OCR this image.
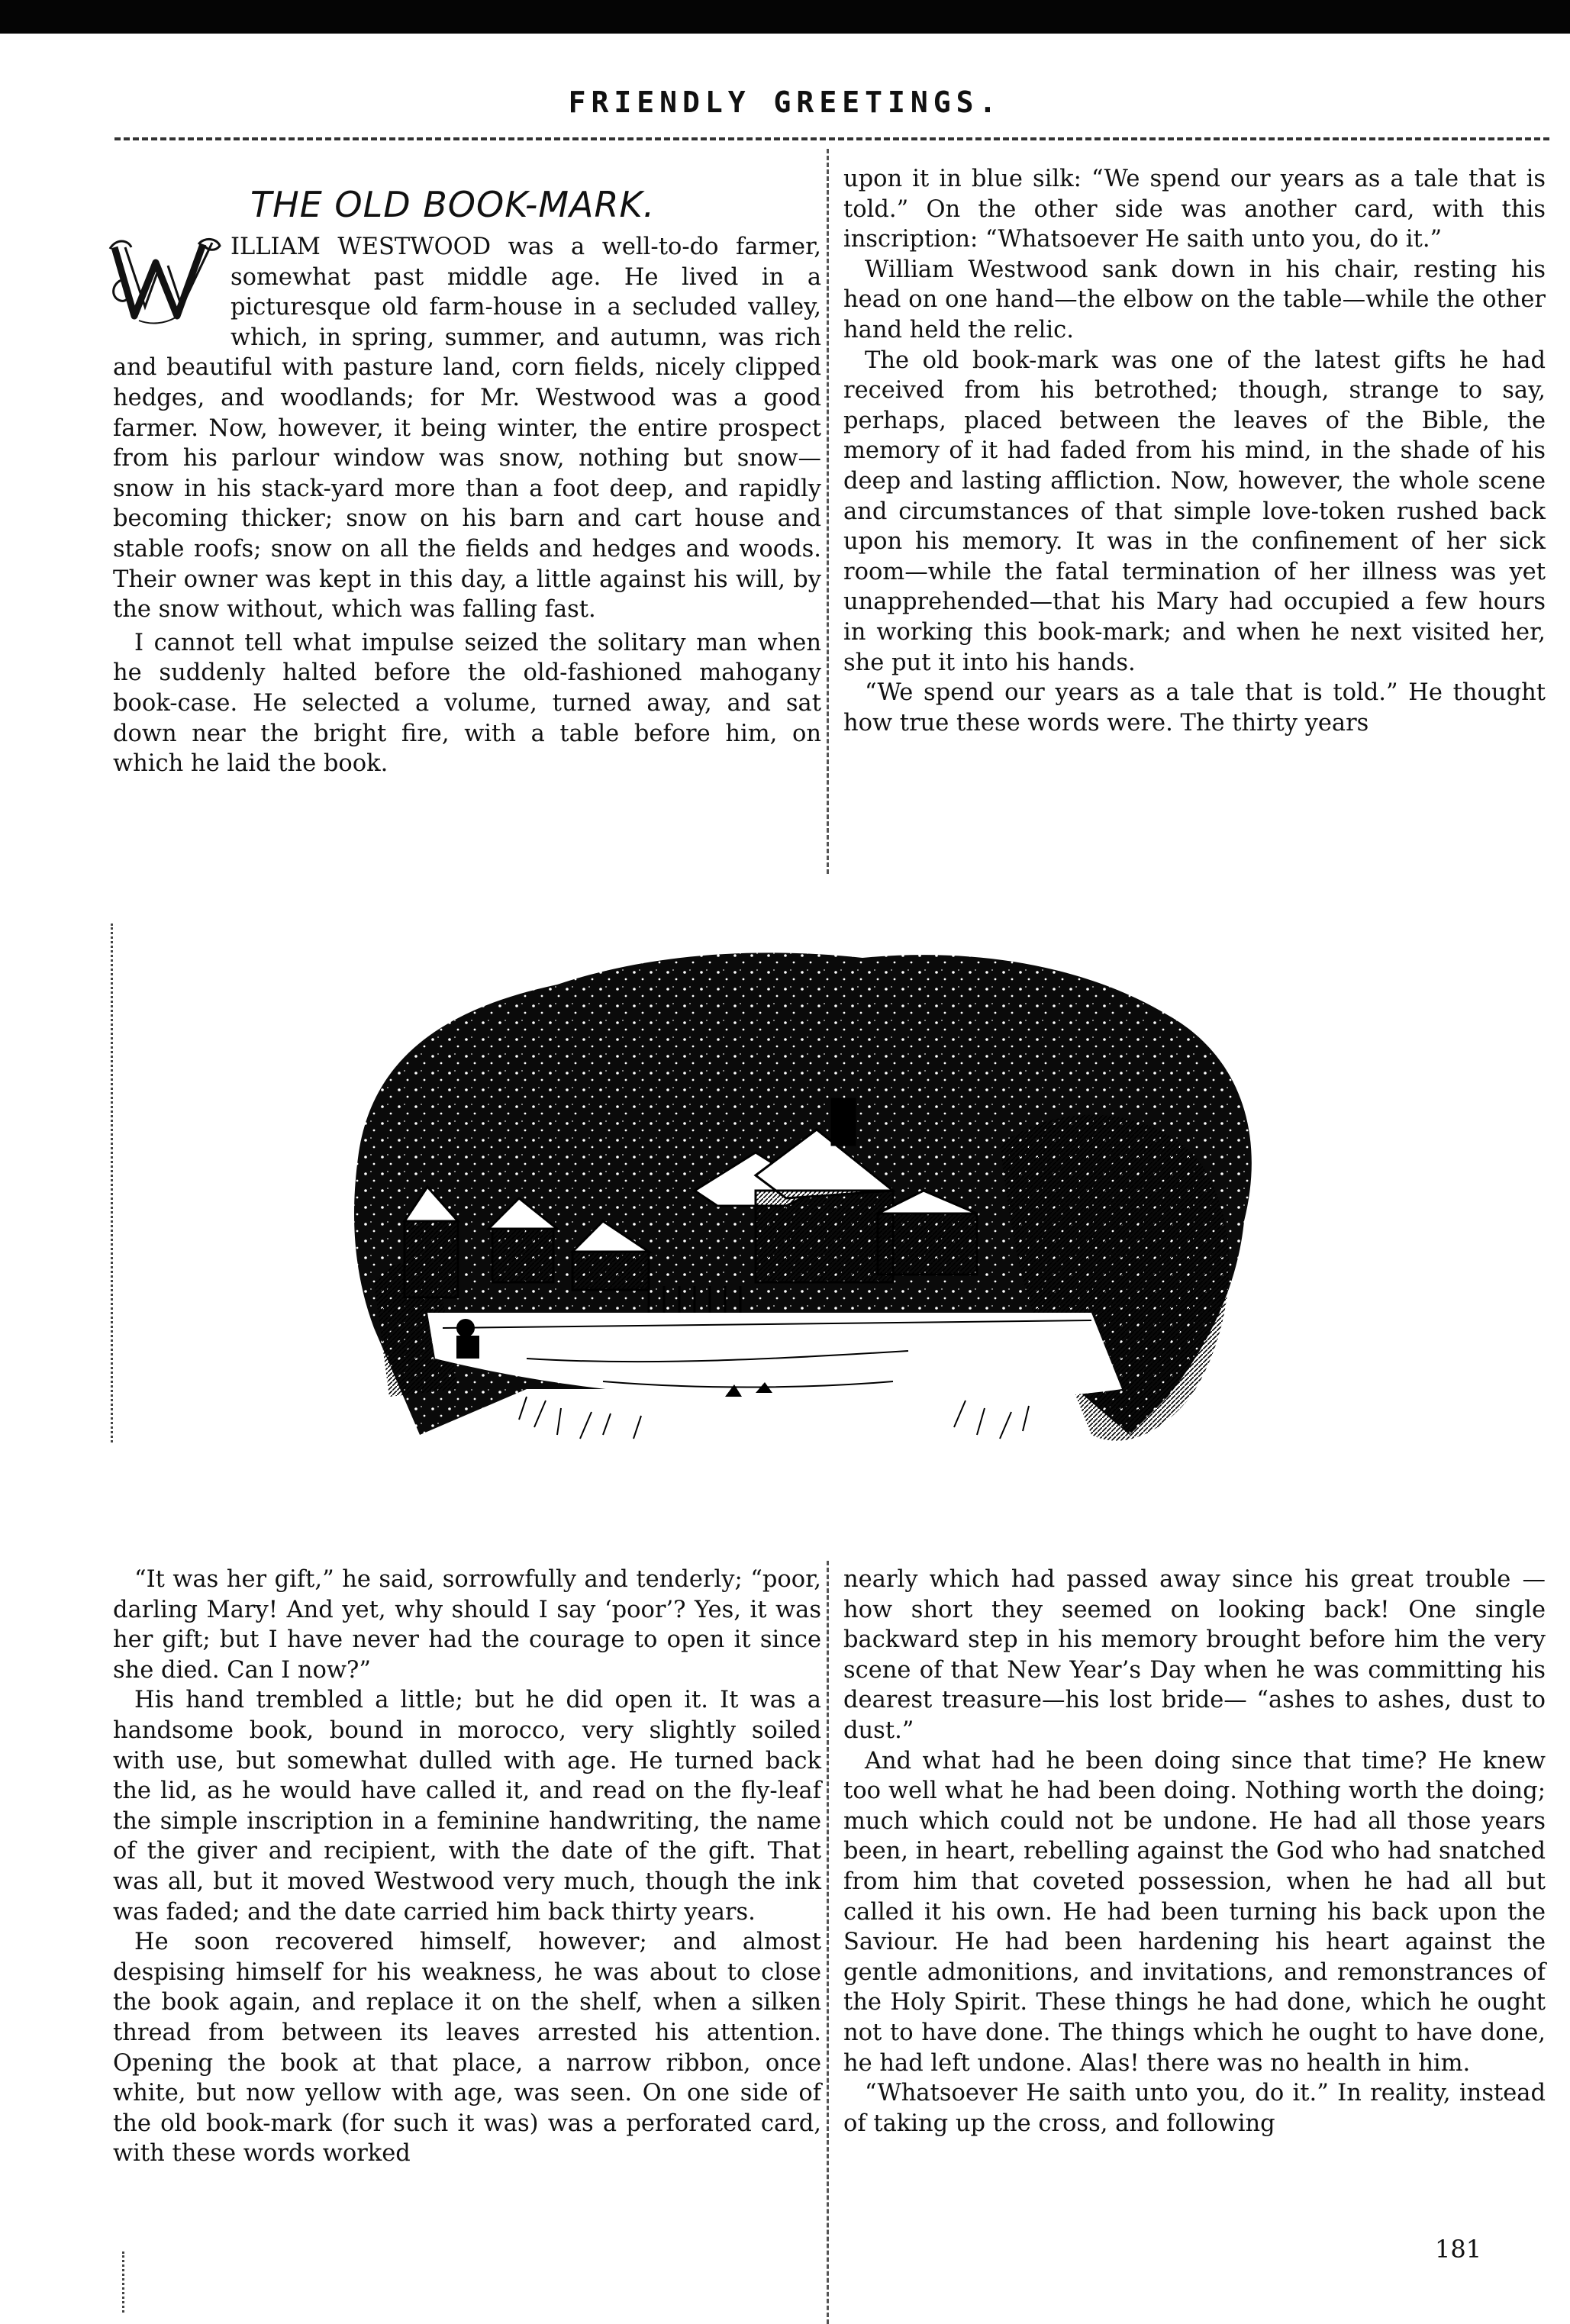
FRIENDLY GREETINGS.
THE OLD BOOK-MARK.

ILLIAM WESTWOOD was a well-to-do farmer, somewhat past middle age. He lived in a picturesque old farm-house in a secluded valley, which, in spring, summer, and autumn, was rich and beautiful with pasture land, corn fields, nicely clipped hedges, and woodlands; for Mr. Westwood was a good farmer. Now, however, it being winter, the entire prospect from his parlour window was snow, nothing but snow—snow in his stack-yard more than a foot deep, and rapidly becoming thicker; snow on his barn and cart house and stable roofs; snow on all the fields and hedges and woods. Their owner was kept in this day, a little against his will, by the snow without, which was falling fast.

I cannot tell what impulse seized the solitary man when he suddenly halted before the old-fashioned mahogany book-case. He selected a volume, turned away, and sat down near the bright fire, with a table before him, on which he laid the book.

upon it in blue silk: “We spend our years as a tale that is told.” On the other side was another card, with this inscription: “Whatsoever He saith unto you, do it.”

William Westwood sank down in his chair, resting his head on one hand—the elbow on the table—while the other hand held the relic.

The old book-mark was one of the latest gifts he had received from his betrothed; though, strange to say, perhaps, placed between the leaves of the Bible, the memory of it had faded from his mind, in the shade of his deep and lasting affliction. Now, however, the whole scene and circumstances of that simple love-token rushed back upon his memory. It was in the confinement of her sick room—while the fatal termination of her illness was yet unapprehended—that his Mary had occupied a few hours in working this book-mark; and when he next visited her, she put it into his hands.

“We spend our years as a tale that is told.” He thought how true these words were. The thirty years

“It was her gift,” he said, sorrowfully and tenderly; “poor, darling Mary! And yet, why should I say ‘poor’? Yes, it was her gift; but I have never had the courage to open it since she died. Can I now?”

His hand trembled a little; but he did open it. It was a handsome book, bound in morocco, very slightly soiled with use, but somewhat dulled with age. He turned back the lid, as he would have called it, and read on the fly-leaf the simple inscription in a feminine handwriting, the name of the giver and recipient, with the date of the gift. That was all, but it moved Westwood very much, though the ink was faded; and the date carried him back thirty years.

He soon recovered himself, however; and almost despising himself for his weakness, he was about to close the book again, and replace it on the shelf, when a silken thread from between its leaves arrested his attention. Opening the book at that place, a narrow ribbon, once white, but now yellow with age, was seen. On one side of the old book-mark (for such it was) was a perforated card, with these words worked

nearly which had passed away since his great trouble —how short they seemed on looking back! One single backward step in his memory brought before him the very scene of that New Year’s Day when he was committing his dearest treasure—his lost bride— “ashes to ashes, dust to dust.”

And what had he been doing since that time? He knew too well what he had been doing. Nothing worth the doing; much which could not be undone. He had all those years been, in heart, rebelling against the God who had snatched from him that coveted possession, when he had all but called it his own. He had been turning his back upon the Saviour. He had been hardening his heart against the gentle admonitions, and invitations, and remonstrances of the Holy Spirit. These things he had done, which he ought not to have done. The things which he ought to have done, he had left undone. Alas! there was no health in him.

“Whatsoever He saith unto you, do it.” In reality, instead of taking up the cross, and following

181
